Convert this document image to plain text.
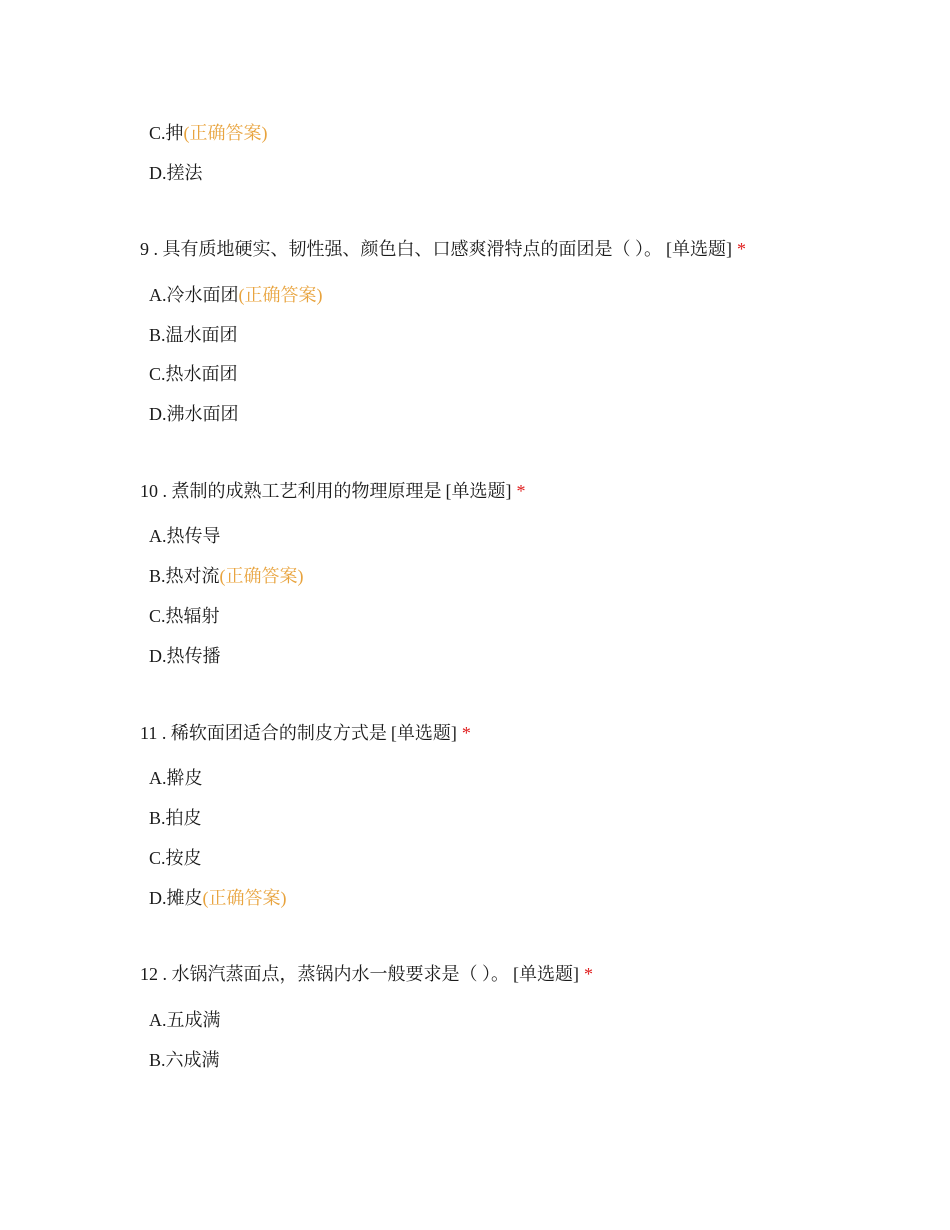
C.抻(正确答案)
D.搓法
9 . 具有质地硬实、韧性强、颜色白、口感爽滑特点的面团是（ ）。 [单选题] *
A.冷水面团(正确答案)
B.温水面团
C.热水面团
D.沸水面团
10 . 煮制的成熟工艺利用的物理原理是 [单选题] *
A.热传导
B.热对流(正确答案)
C.热辐射
D.热传播
11 . 稀软面团适合的制皮方式是 [单选题] *
A.擀皮
B.拍皮
C.按皮
D.摊皮(正确答案)
12 . 水锅汽蒸面点，蒸锅内水一般要求是（ ）。 [单选题] *
A.五成满
B.六成满
